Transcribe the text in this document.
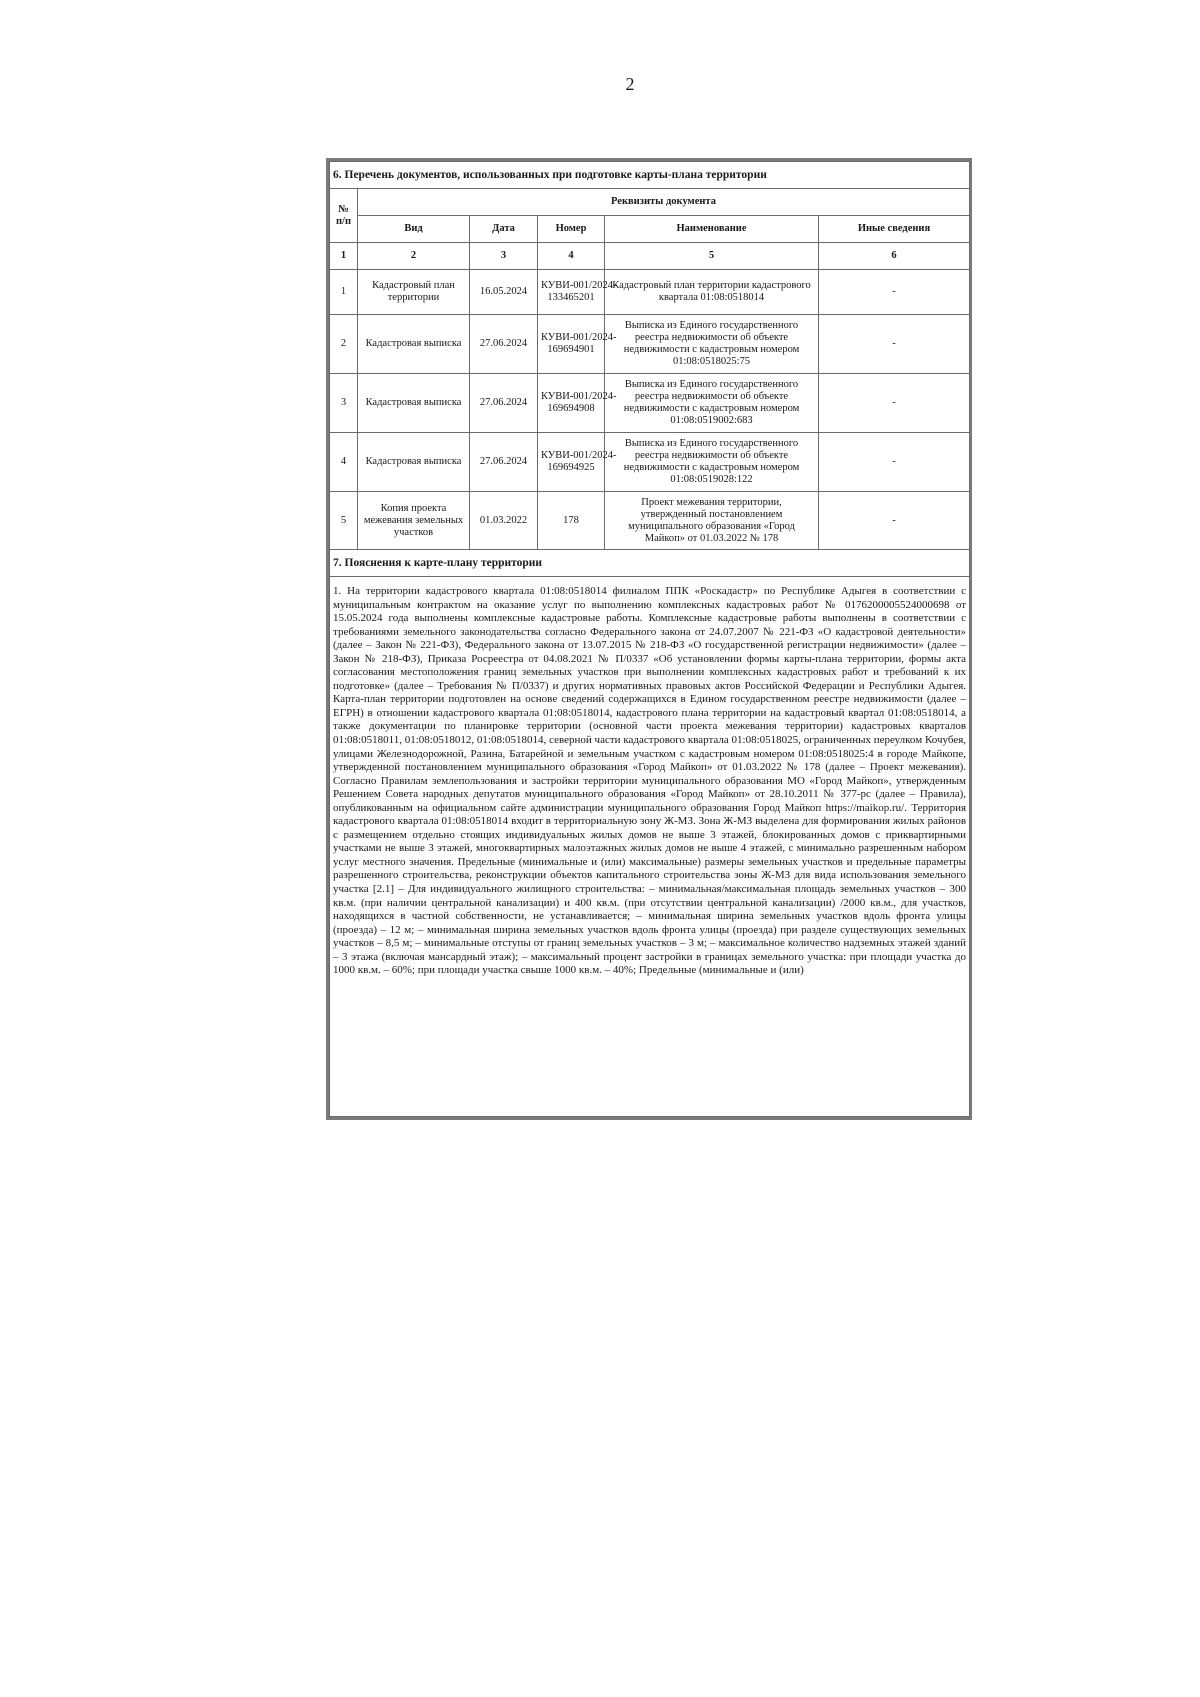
2
6. Перечень документов, использованных при подготовке карты-плана территории					
№ п/п	Реквизиты документа				
	Вид	Дата	Номер	Наименование	Иные сведения
1	2	3	4	5	6
1	Кадастровый план территории	16.05.2024	КУВИ-001/2024-133465201	Кадастровый план территории кадастрового квартала 01:08:0518014	-
2	Кадастровая выписка	27.06.2024	КУВИ-001/2024-169694901	Выписка из Единого государственного реестра недвижимости об объекте недвижимости с кадастровым номером 01:08:0518025:75	-
3	Кадастровая выписка	27.06.2024	КУВИ-001/2024-169694908	Выписка из Единого государственного реестра недвижимости об объекте недвижимости с кадастровым номером 01:08:0519002:683	-
4	Кадастровая выписка	27.06.2024	КУВИ-001/2024-169694925	Выписка из Единого государственного реестра недвижимости об объекте недвижимости с кадастровым номером 01:08:0519028:122	-
5	Копия проекта межевания земельных участков	01.03.2022	178	Проект межевания территории, утвержденный постановлением муниципального образования «Город Майкоп» от 01.03.2022 № 178	-
7. Пояснения к карте-плану территории					
1. На территории кадастрового квартала 01:08:0518014 филиалом ППК «Роскадастр» по Республике Адыгея в соответствии с муниципальным контрактом на оказание услуг по выполнению комплексных кадастровых работ № 0176200005524000698 от 15.05.2024 года выполнены комплексные кадастровые работы. Комплексные кадастровые работы выполнены в соответствии с требованиями земельного законодательства согласно Федерального закона от 24.07.2007 № 221-ФЗ «О кадастровой деятельности» (далее – Закон № 221-ФЗ), Федерального закона от 13.07.2015 № 218-ФЗ «О государственной регистрации недвижимости» (далее – Закон № 218-ФЗ), Приказа Росреестра от 04.08.2021 № П/0337 «Об установлении формы карты-плана территории, формы акта согласования местоположения границ земельных участков при выполнении комплексных кадастровых работ и требований к их подготовке» (далее – Требования № П/0337) и других нормативных правовых актов Российской Федерации и Республики Адыгея. Карта-план территории подготовлен на основе сведений содержащихся в Едином государственном реестре недвижимости (далее – ЕГРН) в отношении кадастрового квартала 01:08:0518014, кадастрового плана территории на кадастровый квартал 01:08:0518014, а также документации по планировке территории (основной части проекта межевания территории) кадастровых кварталов 01:08:0518011, 01:08:0518012, 01:08:0518014, северной части кадастрового квартала 01:08:0518025, ограниченных переулком Кочубея, улицами Железнодорожной, Разина, Батарейной и земельным участком с кадастровым номером 01:08:0518025:4 в городе Майкопе, утвержденной постановлением муниципального образования «Город Майкоп» от 01.03.2022 № 178 (далее – Проект межевания). Согласно Правилам землепользования и застройки территории муниципального образования МО «Город Майкоп», утвержденным Решением Совета народных депутатов муниципального образования «Город Майкоп» от 28.10.2011 № 377-рс (далее – Правила), опубликованным на официальном сайте администрации муниципального образования Город Майкоп https://maikop.ru/. Территория кадастрового квартала 01:08:0518014 входит в территориальную зону Ж-МЗ. Зона Ж-МЗ выделена для формирования жилых районов с размещением отдельно стоящих индивидуальных жилых домов не выше 3 этажей, блокированных домов с приквартирными участками не выше 3 этажей, многоквартирных малоэтажных жилых домов не выше 4 этажей, с минимально разрешенным набором услуг местного значения. Предельные (минимальные и (или) максимальные) размеры земельных участков и предельные параметры разрешенного строительства, реконструкции объектов капитального строительства зоны Ж-МЗ для вида использования земельного участка [2.1] – Для индивидуального жилищного строительства: – минимальная/максимальная площадь земельных участков – 300 кв.м. (при наличии центральной канализации) и 400 кв.м. (при отсутствии центральной канализации) /2000 кв.м., для участков, находящихся в частной собственности, не устанавливается; – минимальная ширина земельных участков вдоль фронта улицы (проезда) – 12 м; – минимальная ширина земельных участков вдоль фронта улицы (проезда) при разделе существующих земельных участков – 8,5 м; – минимальные отступы от границ земельных участков – 3 м; – максимальное количество надземных этажей зданий – 3 этажа (включая мансардный этаж); – максимальный процент застройки в границах земельного участка: при площади участка до 1000 кв.м. – 60%; при площади участка свыше 1000 кв.м. – 40%; Предельные (минимальные и (или)					
